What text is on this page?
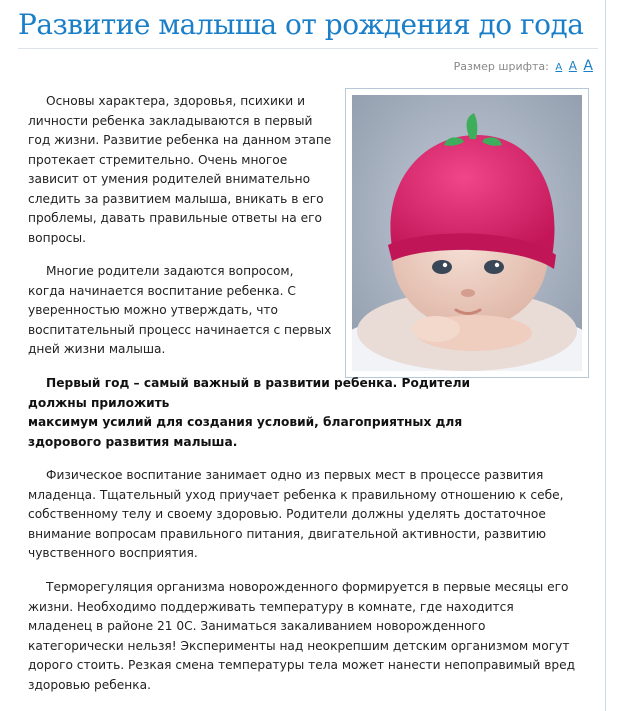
Развитие малыша от рождения до года
Размер шрифта: A A A

Основы характера, здоровья, психики и личности ребенка закладываются в первый год жизни. Развитие ребенка на данном этапе протекает стремительно. Очень многое зависит от умения родителей внимательно следить за развитием малыша, вникать в его проблемы, давать правильные ответы на его вопросы.

Многие родители задаются вопросом, когда начинается воспитание ребенка. С уверенностью можно утверждать, что воспитательный процесс начинается с первых дней жизни малыша.

Первый год – самый важный в развитии ребенка. Родители должны приложить
максимум усилий для создания условий, благоприятных для здорового развития малыша.

Физическое воспитание занимает одно из первых мест в процессе развития младенца. Тщательный уход приучает ребенка к правильному отношению к себе, собственному телу и своему здоровью. Родители должны уделять достаточное внимание вопросам правильного питания, двигательной активности, развитию чувственного восприятия.

Терморегуляция организма новорожденного формируется в первые месяцы его жизни. Необходимо поддерживать температуру в комнате, где находится младенец в районе 21 0С. Заниматься закаливанием новорожденного категорически нельзя! Эксперименты над неокрепшим детским организмом могут дорого стоить. Резкая смена температуры тела может нанести непоправимый вред здоровью ребенка.
